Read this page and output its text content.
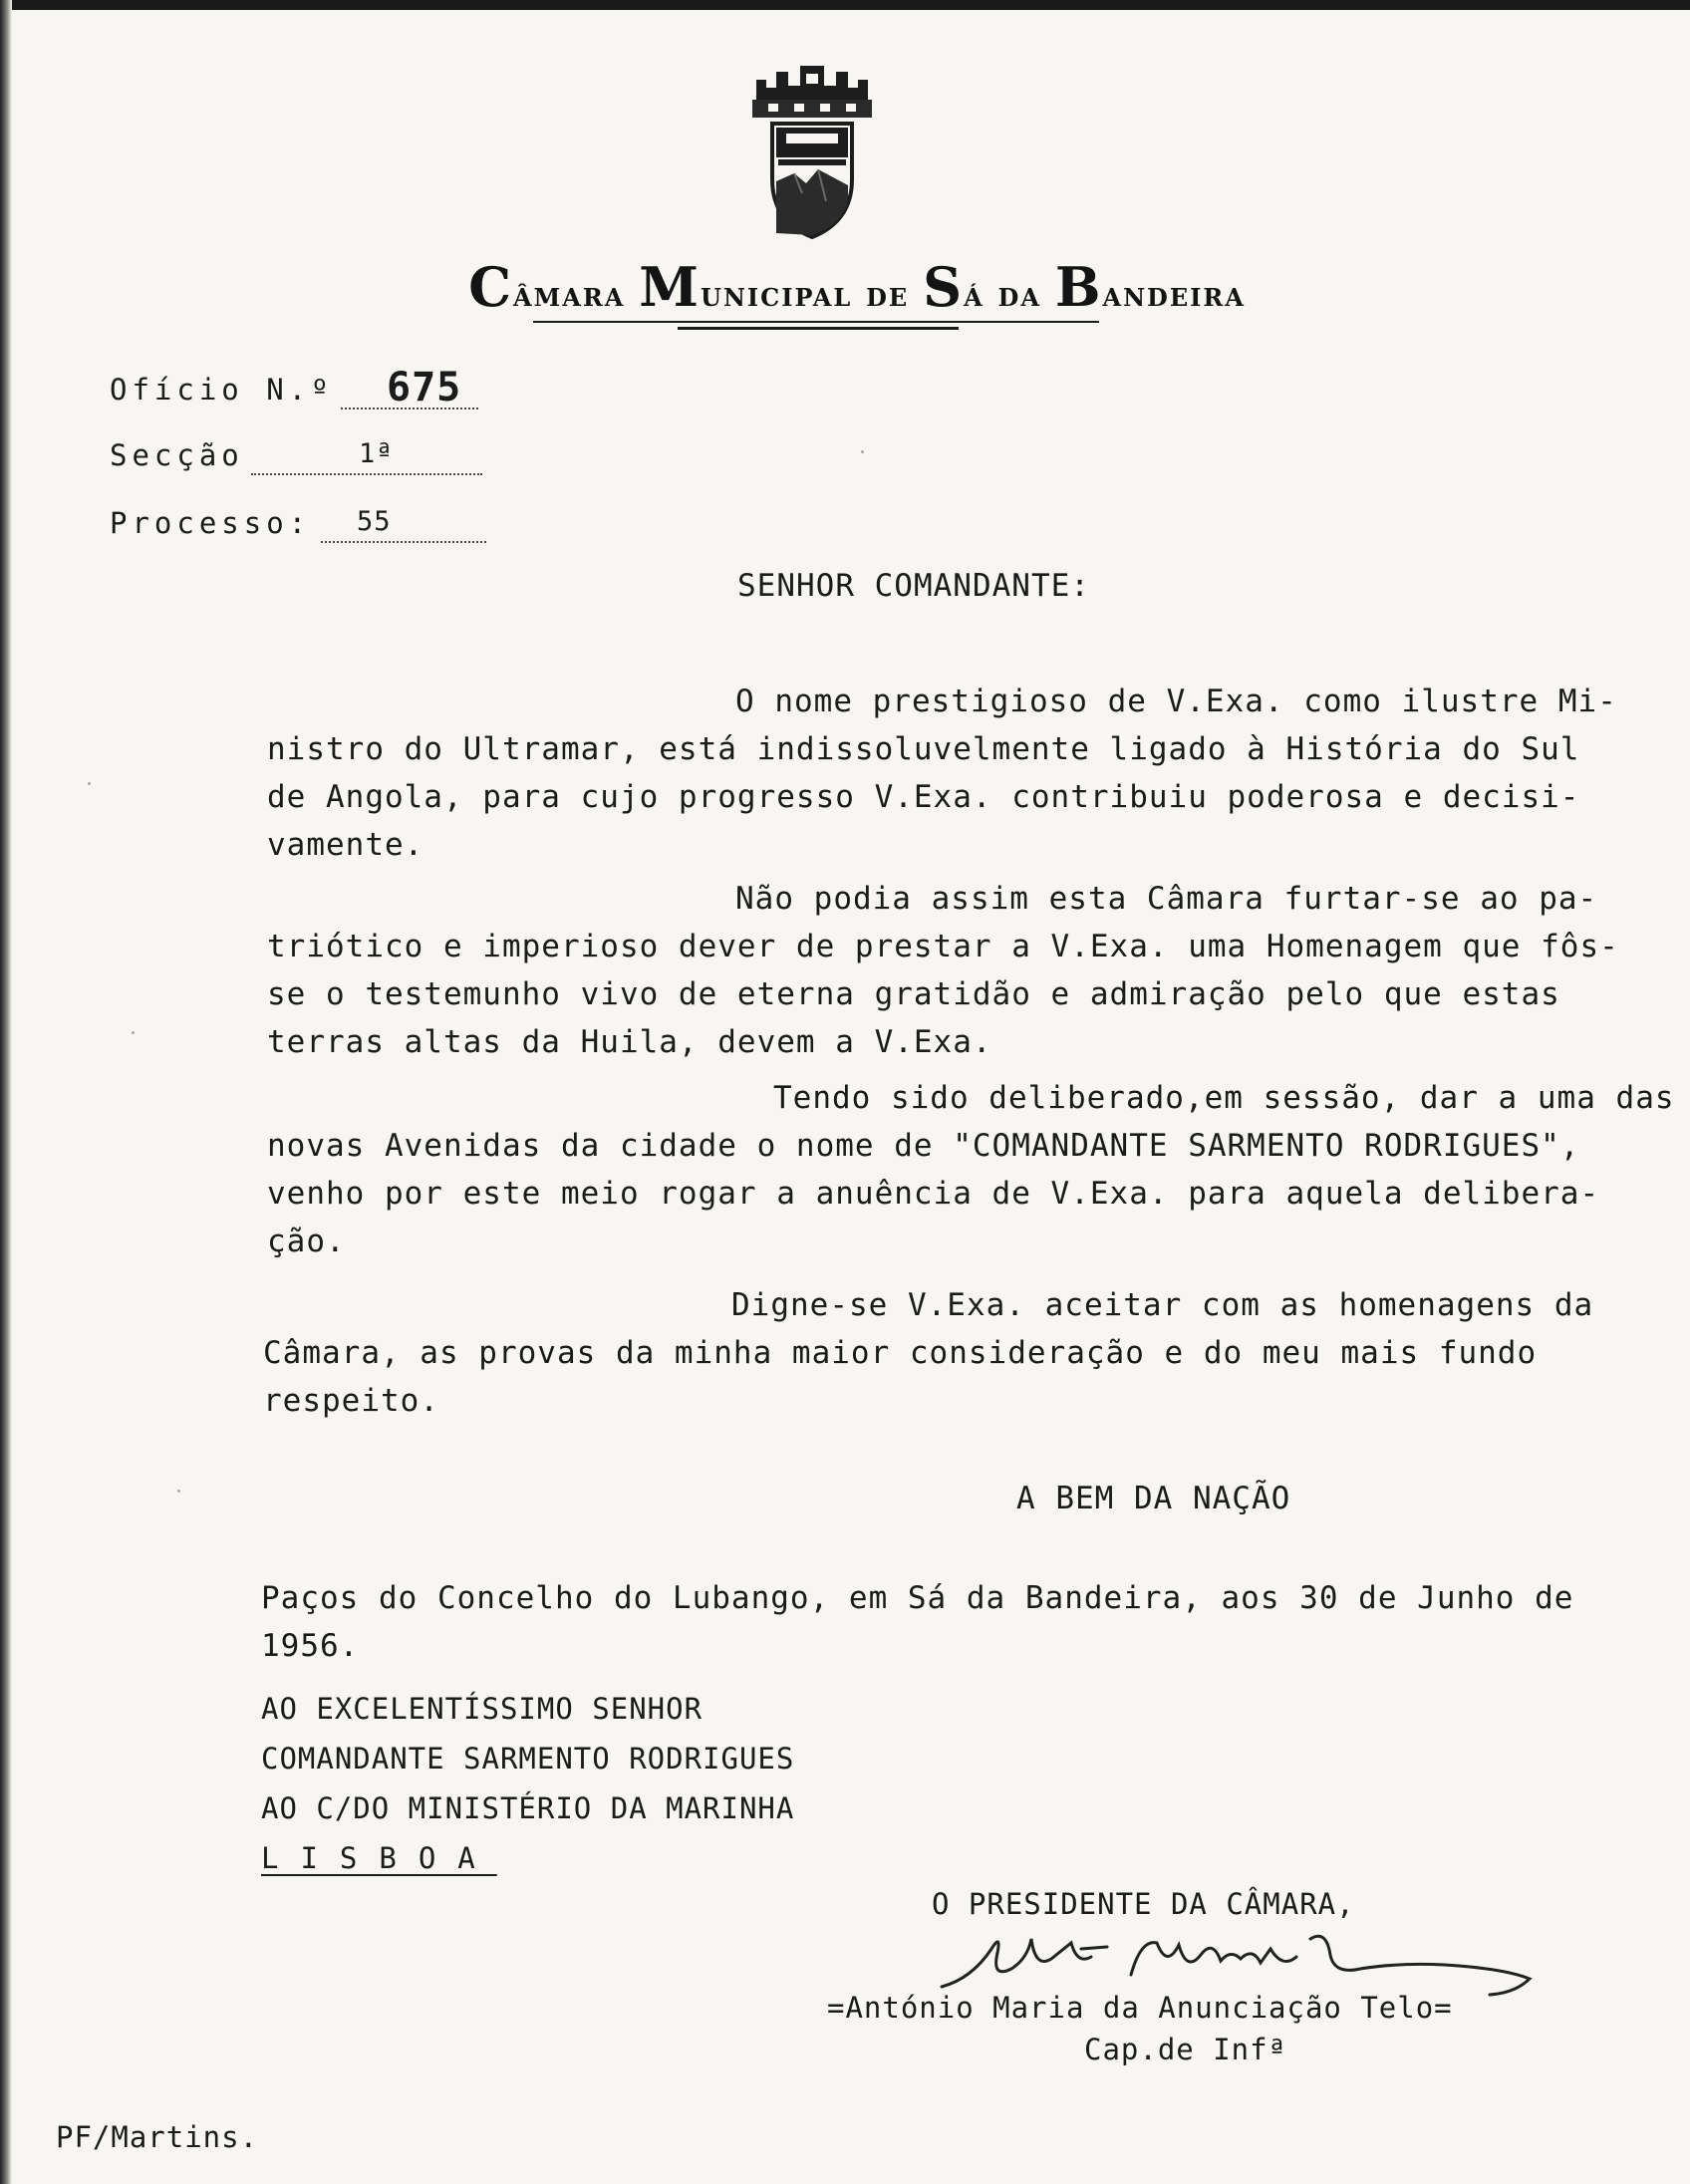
Câmara Municipal de Sá da Bandeira
Ofício N.º 675
Secção	1ª
Processo: 55
SENHOR COMANDANTE:
O nome prestigioso de V.Exa. como ilustre Mi-
nistro do Ultramar, está indissoluvelmente ligado à História do Sul
de Angola, para cujo progresso V.Exa. contribuiu poderosa e decisi-
vamente.
Não podia assim esta Câmara furtar-se ao pa-
triótico e imperioso dever de prestar a V.Exa. uma Homenagem que fôs-
se o testemunho vivo de eterna gratidão e admiração pelo que estas
terras altas da Huila, devem a V.Exa.
Tendo sido deliberado,em sessão, dar a uma das
novas Avenidas da cidade o nome de "COMANDANTE SARMENTO RODRIGUES",
venho por este meio rogar a anuência de V.Exa. para aquela delibera-
ção.
Digne-se V.Exa. aceitar com as homenagens da
Câmara, as provas da minha maior consideração e do meu mais fundo
respeito.
A BEM DA NAÇÃO
Paços do Concelho do Lubango, em Sá da Bandeira, aos 30 de Junho de
1956.
AO EXCELENTÍSSIMO SENHOR
COMANDANTE SARMENTO RODRIGUES
AO C/DO MINISTÉRIO DA MARINHA
LISBOA
O PRESIDENTE DA CÂMARA,
=António Maria da Anunciação Telo=
Cap.de Infª
PF/Martins.
